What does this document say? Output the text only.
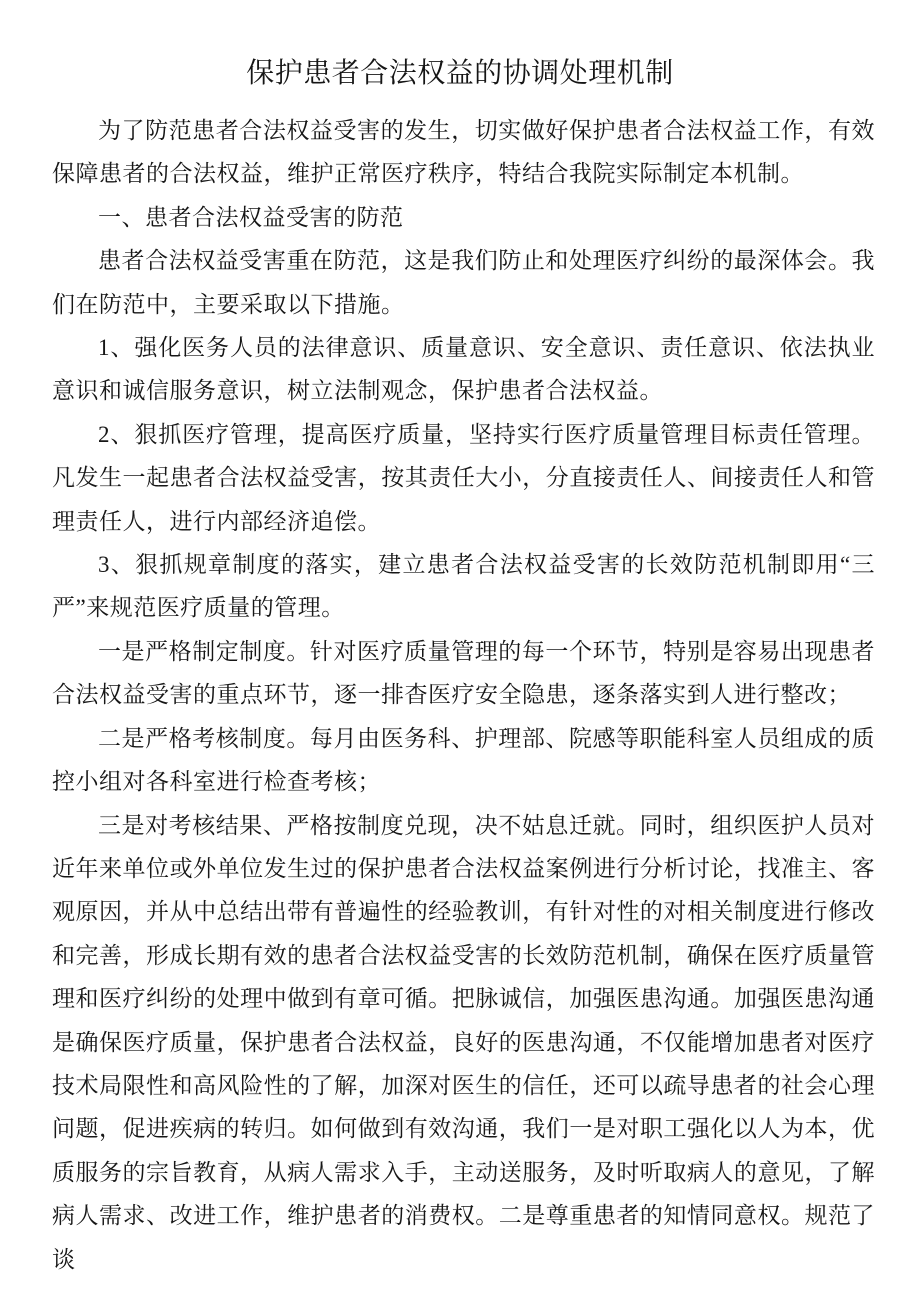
保护患者合法权益的协调处理机制

为了防范患者合法权益受害的发生，切实做好保护患者合法权益工作，有效保障患者的合法权益，维护正常医疗秩序，特结合我院实际制定本机制。

一、患者合法权益受害的防范

患者合法权益受害重在防范，这是我们防止和处理医疗纠纷的最深体会。我们在防范中，主要采取以下措施。

1、强化医务人员的法律意识、质量意识、安全意识、责任意识、依法执业意识和诚信服务意识，树立法制观念，保护患者合法权益。

2、狠抓医疗管理，提高医疗质量，坚持实行医疗质量管理目标责任管理。凡发生一起患者合法权益受害，按其责任大小，分直接责任人、间接责任人和管理责任人，进行内部经济追偿。

3、狠抓规章制度的落实，建立患者合法权益受害的长效防范机制即用“三严”来规范医疗质量的管理。

一是严格制定制度。针对医疗质量管理的每一个环节，特别是容易出现患者合法权益受害的重点环节，逐一排杳医疗安全隐患，逐条落实到人进行整改；

二是严格考核制度。每月由医务科、护理部、院感等职能科室人员组成的质控小组对各科室进行检查考核；

三是对考核结果、严格按制度兑现，决不姑息迁就。同时，组织医护人员对近年来单位或外单位发生过的保护患者合法权益案例进行分析讨论，找准主、客观原因，并从中总结出带有普遍性的经验教训，有针对性的对相关制度进行修改和完善，形成长期有效的患者合法权益受害的长效防范机制，确保在医疗质量管理和医疗纠纷的处理中做到有章可循。把脉诚信，加强医患沟通。加强医患沟通是确保医疗质量，保护患者合法权益，良好的医患沟通，不仅能增加患者对医疗技术局限性和高风险性的了解，加深对医生的信任，还可以疏导患者的社会心理问题，促进疾病的转归。如何做到有效沟通，我们一是对职工强化以人为本，优质服务的宗旨教育，从病人需求入手，主动送服务，及时听取病人的意见，了解病人需求、改进工作，维护患者的消费权。二是尊重患者的知情同意权。规范了谈
